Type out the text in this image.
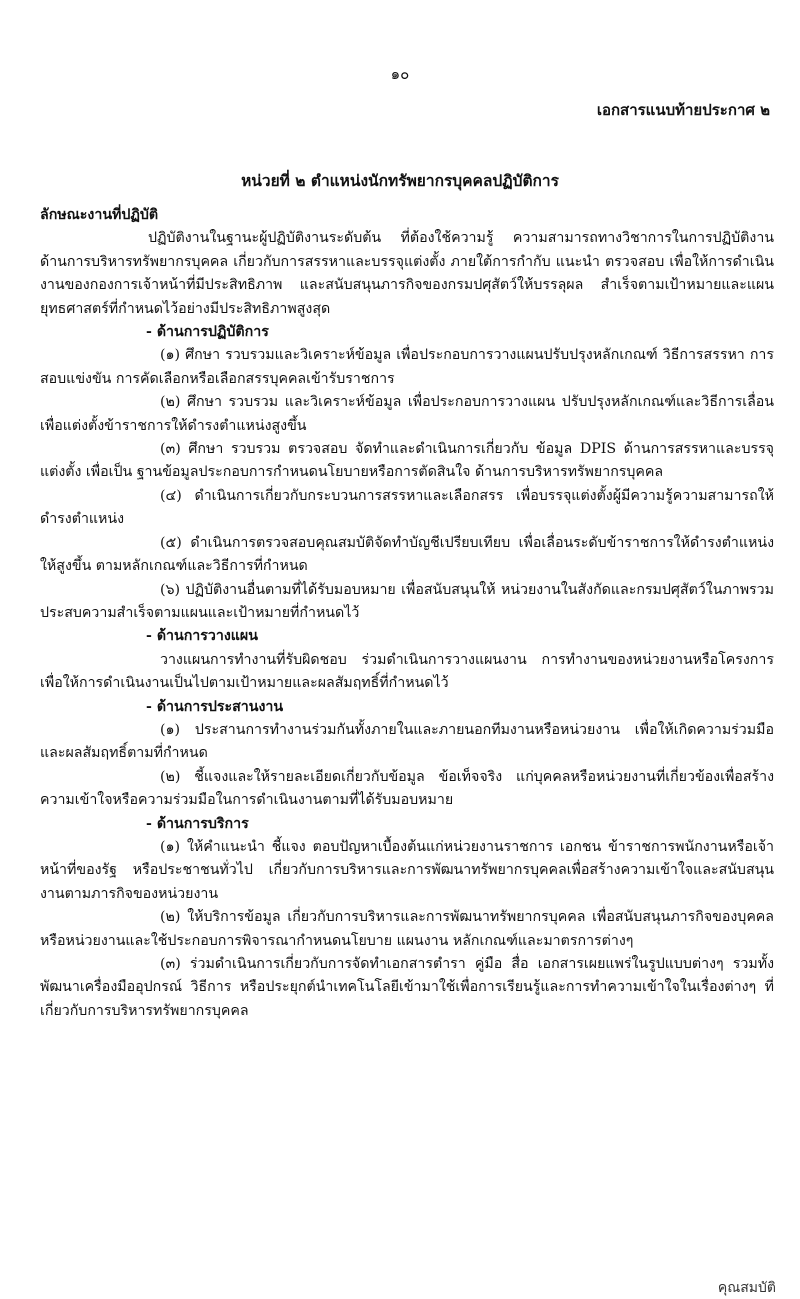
๑๐
เอกสารแนบท้ายประกาศ ๒
หน่วยที่ ๒ ตำแหน่งนักทรัพยากรบุคคลปฏิบัติการ
ลักษณะงานที่ปฏิบัติ

ปฏิบัติงานในฐานะผู้ปฏิบัติงานระดับต้น ที่ต้องใช้ความรู้ ความสามารถทางวิชาการในการปฏิบัติงาน ด้านการบริหารทรัพยากรบุคคล เกี่ยวกับการสรรหาและบรรจุแต่งตั้ง ภายใต้การกำกับ แนะนำ ตรวจสอบ เพื่อให้การดำเนินงานของกองการเจ้าหน้าที่มีประสิทธิภาพ และสนับสนุนภารกิจของกรมปศุสัตว์ให้บรรลุผล สำเร็จตามเป้าหมายและแผนยุทธศาสตร์ที่กำหนดไว้อย่างมีประสิทธิภาพสูงสุด

- ด้านการปฏิบัติการ

(๑) ศึกษา รวบรวมและวิเคราะห์ข้อมูล เพื่อประกอบการวางแผนปรับปรุงหลักเกณฑ์ วิธีการสรรหา การสอบแข่งขัน การคัดเลือกหรือเลือกสรรบุคคลเข้ารับราชการ

(๒) ศึกษา รวบรวม และวิเคราะห์ข้อมูล เพื่อประกอบการวางแผน ปรับปรุงหลักเกณฑ์และวิธีการเลื่อนเพื่อแต่งตั้งข้าราชการให้ดำรงตำแหน่งสูงขึ้น

(๓) ศึกษา รวบรวม ตรวจสอบ จัดทำและดำเนินการเกี่ยวกับ ข้อมูล DPIS ด้านการสรรหาและบรรจุแต่งตั้ง เพื่อเป็น ฐานข้อมูลประกอบการกำหนดนโยบายหรือการตัดสินใจ ด้านการบริหารทรัพยากรบุคคล

(๔) ดำเนินการเกี่ยวกับกระบวนการสรรหาและเลือกสรร เพื่อบรรจุแต่งตั้งผู้มีความรู้ความสามารถให้ดำรงตำแหน่ง

(๕) ดำเนินการตรวจสอบคุณสมบัติจัดทำบัญชีเปรียบเทียบ เพื่อเลื่อนระดับข้าราชการให้ดำรงตำแหน่งให้สูงขึ้น ตามหลักเกณฑ์และวิธีการที่กำหนด

(๖) ปฏิบัติงานอื่นตามที่ได้รับมอบหมาย เพื่อสนับสนุนให้ หน่วยงานในสังกัดและกรมปศุสัตว์ในภาพรวมประสบความสำเร็จตามแผนและเป้าหมายที่กำหนดไว้

- ด้านการวางแผน

วางแผนการทำงานที่รับผิดชอบ ร่วมดำเนินการวางแผนงาน การทำงานของหน่วยงานหรือโครงการ เพื่อให้การดำเนินงานเป็นไปตามเป้าหมายและผลสัมฤทธิ์ที่กำหนดไว้

- ด้านการประสานงาน

(๑) ประสานการทำงานร่วมกันทั้งภายในและภายนอกทีมงานหรือหน่วยงาน เพื่อให้เกิดความร่วมมือและผลสัมฤทธิ์ตามที่กำหนด

(๒) ชี้แจงและให้รายละเอียดเกี่ยวกับข้อมูล ข้อเท็จจริง แก่บุคคลหรือหน่วยงานที่เกี่ยวข้องเพื่อสร้างความเข้าใจหรือความร่วมมือในการดำเนินงานตามที่ได้รับมอบหมาย

- ด้านการบริการ

(๑) ให้คำแนะนำ ชี้แจง ตอบปัญหาเบื้องต้นแก่หน่วยงานราชการ เอกชน ข้าราชการพนักงานหรือเจ้าหน้าที่ของรัฐ หรือประชาชนทั่วไป เกี่ยวกับการบริหารและการพัฒนาทรัพยากรบุคคลเพื่อสร้างความเข้าใจและสนับสนุนงานตามภารกิจของหน่วยงาน

(๒) ให้บริการข้อมูล เกี่ยวกับการบริหารและการพัฒนาทรัพยากรบุคคล เพื่อสนับสนุนภารกิจของบุคคลหรือหน่วยงานและใช้ประกอบการพิจารณากำหนดนโยบาย แผนงาน หลักเกณฑ์และมาตรการต่างๆ

(๓) ร่วมดำเนินการเกี่ยวกับการจัดทำเอกสารตำรา คู่มือ สื่อ เอกสารเผยแพร่ในรูปแบบต่างๆ รวมทั้งพัฒนาเครื่องมืออุปกรณ์ วิธีการ หรือประยุกต์นำเทคโนโลยีเข้ามาใช้เพื่อการเรียนรู้และการทำความเข้าใจในเรื่องต่างๆ ที่เกี่ยวกับการบริหารทรัพยากรบุคคล

คุณสมบัติ
